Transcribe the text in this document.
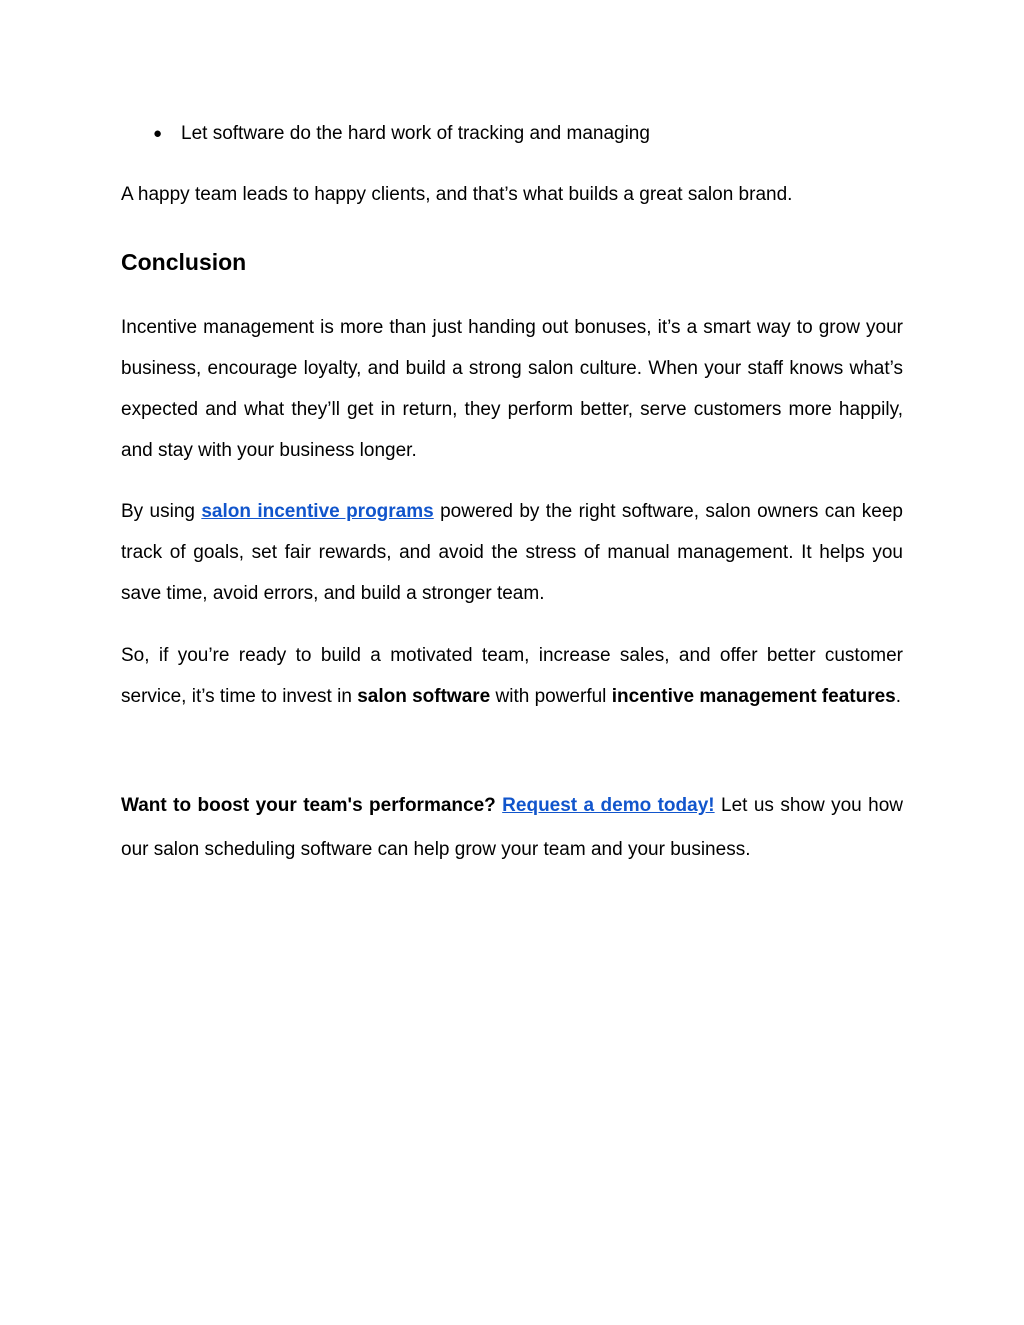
● Let software do the hard work of tracking and managing

A happy team leads to happy clients, and that’s what builds a great salon brand.

Conclusion

Incentive management is more than just handing out bonuses, it’s a smart way to grow your business, encourage loyalty, and build a strong salon culture. When your staff knows what’s expected and what they’ll get in return, they perform better, serve customers more happily, and stay with your business longer.

By using salon incentive programs powered by the right software, salon owners can keep track of goals, set fair rewards, and avoid the stress of manual management. It helps you save time, avoid errors, and build a stronger team.

So, if you’re ready to build a motivated team, increase sales, and offer better customer service, it’s time to invest in salon software with powerful incentive management features.

Want to boost your team's performance? Request a demo today! Let us show you how our salon scheduling software can help grow your team and your business.
